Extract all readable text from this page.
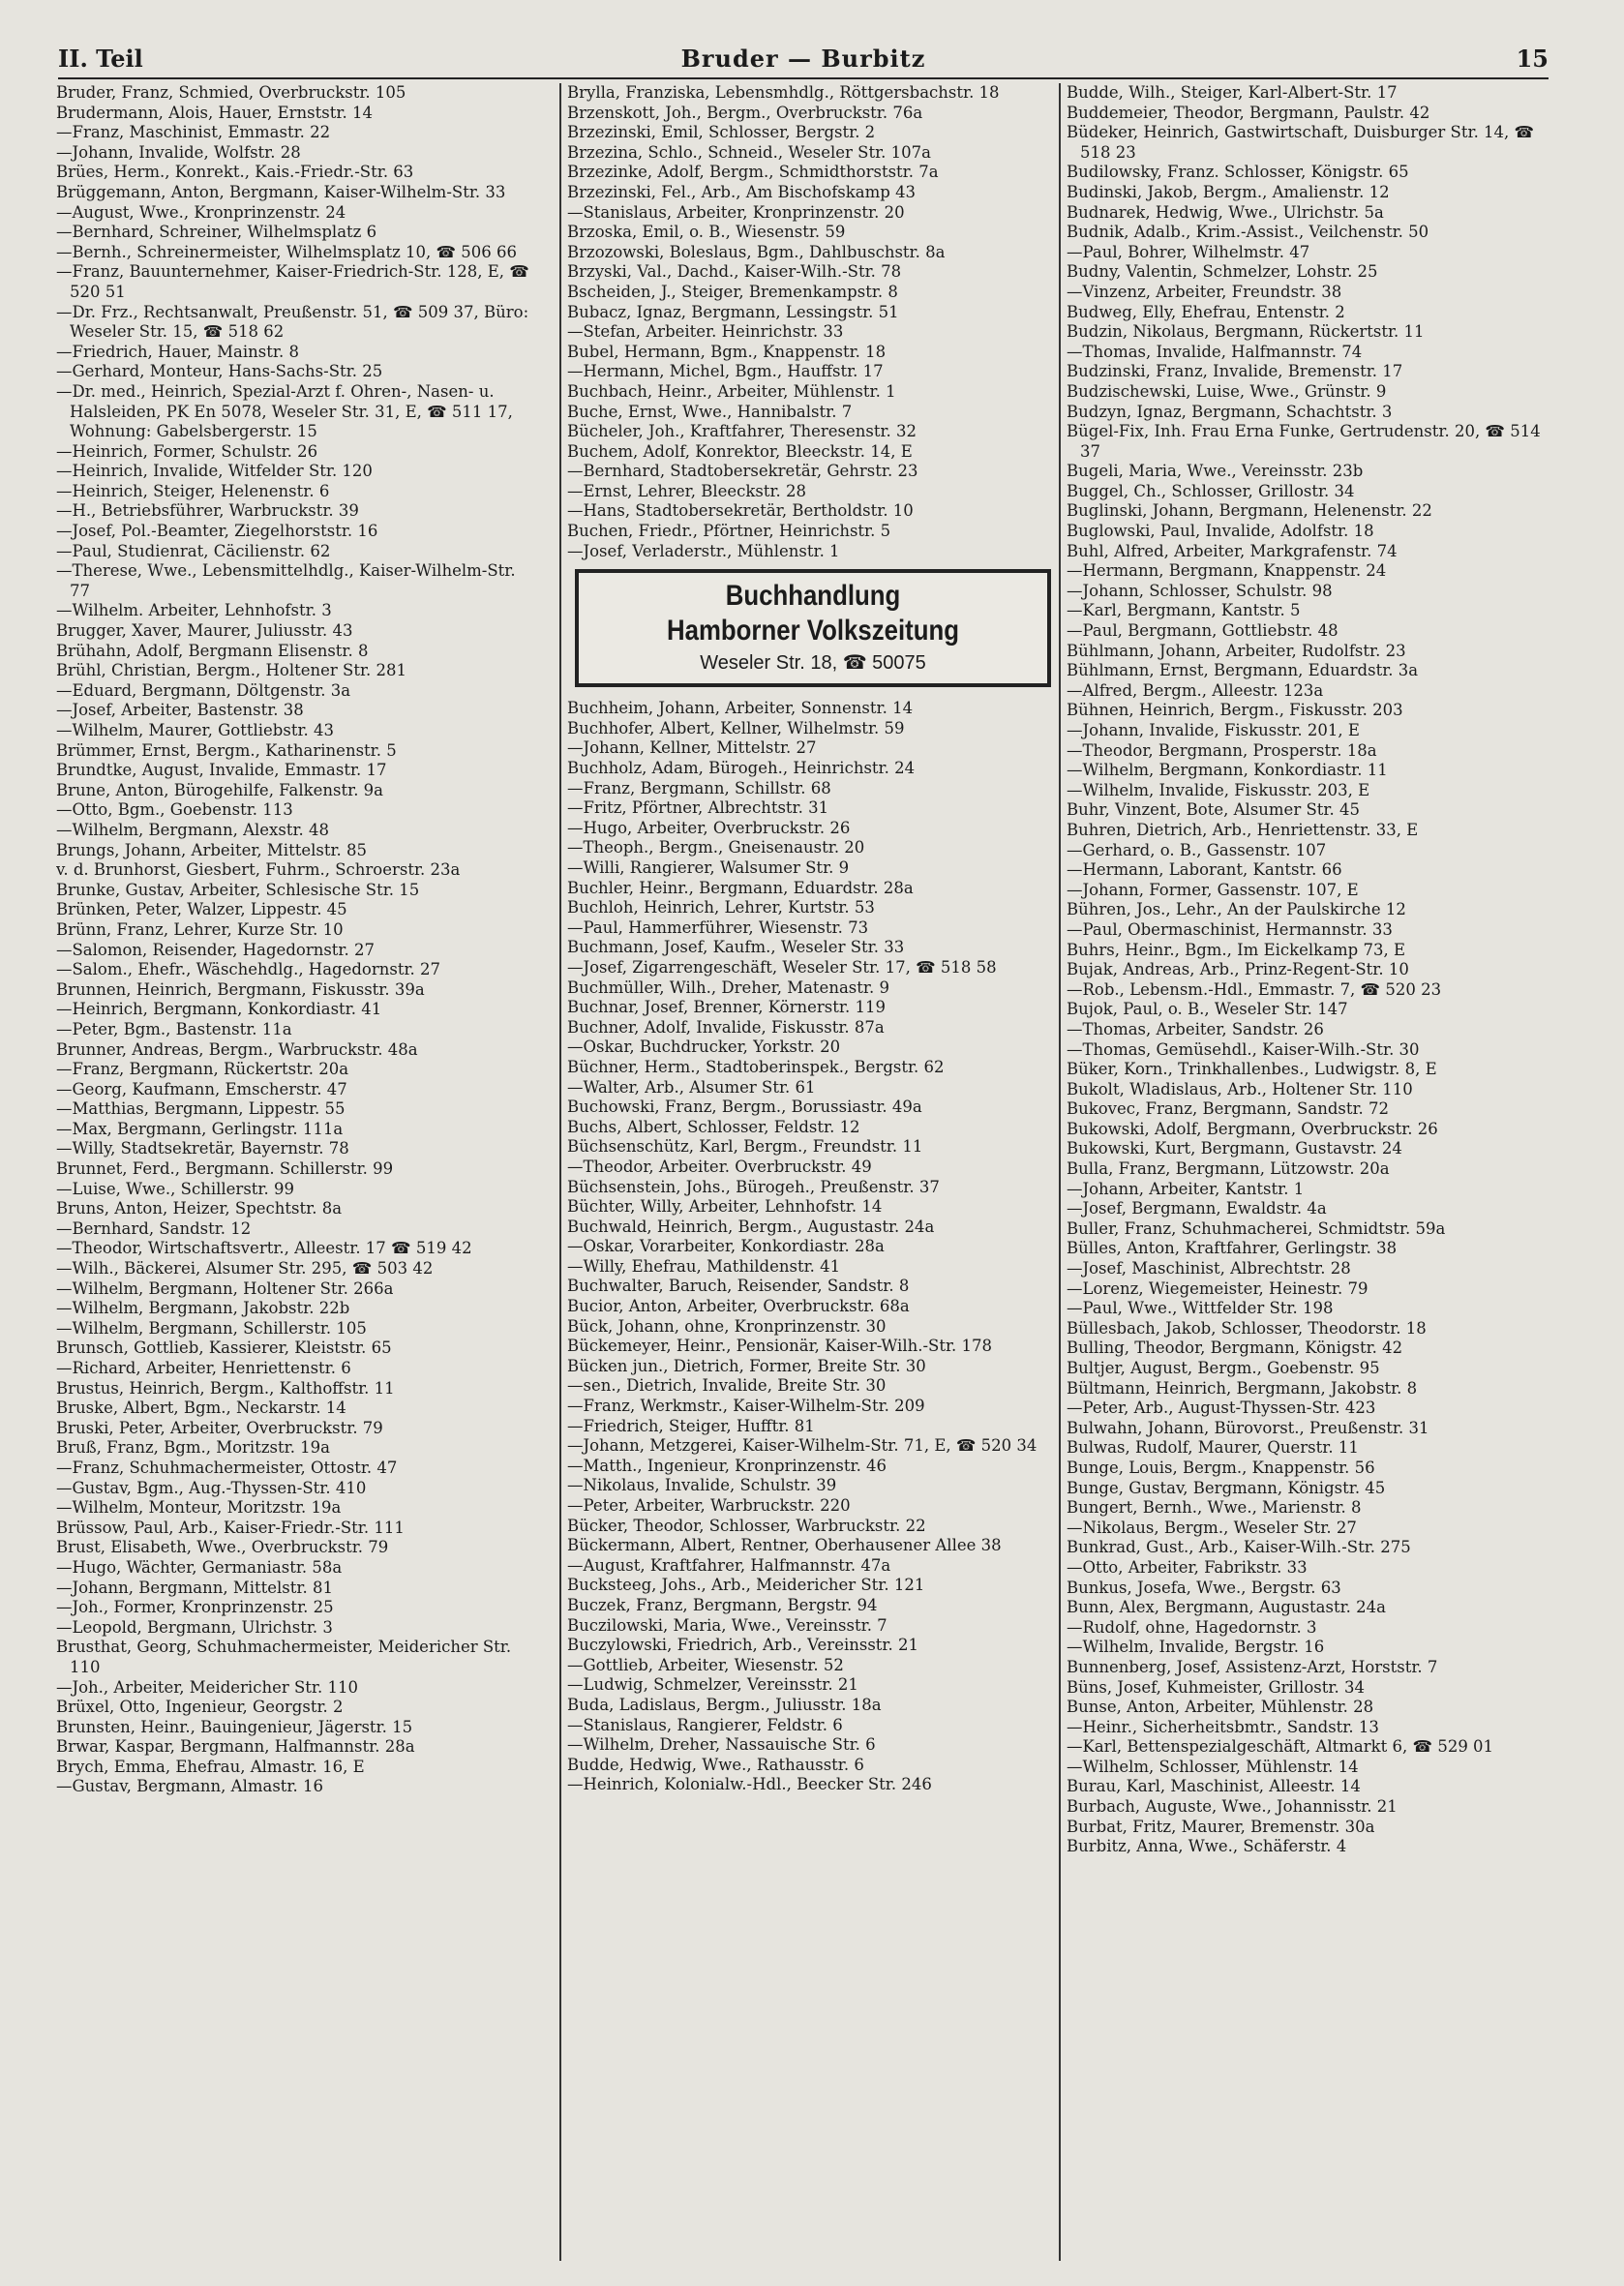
II. Teil	Bruder — Burbitz	15
Bruder, Franz, Schmied, Overbruckstr. 105
Brudermann, Alois, Hauer, Ernststr. 14
—Franz, Maschinist, Emmastr. 22
—Johann, Invalide, Wolfstr. 28
Brües, Herm., Konrekt., Kais.-Friedr.-Str. 63
Brüggemann, Anton, Bergmann, Kaiser-Wilhelm-Str. 33
—August, Wwe., Kronprinzenstr. 24
—Bernhard, Schreiner, Wilhelmsplatz 6
—Bernh., Schreinermeister, Wilhelmsplatz 10, ☎ 506 66
—Franz, Bauunternehmer, Kaiser-Friedrich-Str. 128, E, ☎ 520 51
—Dr. Frz., Rechtsanwalt, Preußenstr. 51, ☎ 509 37, Büro: Weseler Str. 15, ☎ 518 62
—Friedrich, Hauer, Mainstr. 8
—Gerhard, Monteur, Hans-Sachs-Str. 25
—Dr. med., Heinrich, Spezial-Arzt f. Ohren-, Nasen- u. Halsleiden, PK En 5078, Weseler Str. 31, E, ☎ 511 17, Wohnung: Gabelsbergerstr. 15
—Heinrich, Former, Schulstr. 26
—Heinrich, Invalide, Witfelder Str. 120
—Heinrich, Steiger, Helenenstr. 6
—H., Betriebsführer, Warbruckstr. 39
—Josef, Pol.-Beamter, Ziegelhorststr. 16
—Paul, Studienrat, Cäcilienstr. 62
—Therese, Wwe., Lebensmittelhdlg., Kaiser-Wilhelm-Str. 77
—Wilhelm. Arbeiter, Lehnhofstr. 3
Brugger, Xaver, Maurer, Juliusstr. 43
Brühahn, Adolf, Bergmann Elisenstr. 8
Brühl, Christian, Bergm., Holtener Str. 281
—Eduard, Bergmann, Döltgenstr. 3a
—Josef, Arbeiter, Bastenstr. 38
—Wilhelm, Maurer, Gottliebstr. 43
Brümmer, Ernst, Bergm., Katharinenstr. 5
Brundtke, August, Invalide, Emmastr. 17
Brune, Anton, Bürogehilfe, Falkenstr. 9a
—Otto, Bgm., Goebenstr. 113
—Wilhelm, Bergmann, Alexstr. 48
Brungs, Johann, Arbeiter, Mittelstr. 85
v. d. Brunhorst, Giesbert, Fuhrm., Schroerstr. 23a
Brunke, Gustav, Arbeiter, Schlesische Str. 15
Brünken, Peter, Walzer, Lippestr. 45
Brünn, Franz, Lehrer, Kurze Str. 10
—Salomon, Reisender, Hagedornstr. 27
—Salom., Ehefr., Wäschehdlg., Hagedornstr. 27
Brunnen, Heinrich, Bergmann, Fiskusstr. 39a
—Heinrich, Bergmann, Konkordiastr. 41
—Peter, Bgm., Bastenstr. 11a
Brunner, Andreas, Bergm., Warbruckstr. 48a
—Franz, Bergmann, Rückertstr. 20a
—Georg, Kaufmann, Emscherstr. 47
—Matthias, Bergmann, Lippestr. 55
—Max, Bergmann, Gerlingstr. 111a
—Willy, Stadtsekretär, Bayernstr. 78
Brunnet, Ferd., Bergmann. Schillerstr. 99
—Luise, Wwe., Schillerstr. 99
Bruns, Anton, Heizer, Spechtstr. 8a
—Bernhard, Sandstr. 12
—Theodor, Wirtschaftsvertr., Alleestr. 17 ☎ 519 42
—Wilh., Bäckerei, Alsumer Str. 295, ☎ 503 42
—Wilhelm, Bergmann, Holtener Str. 266a
—Wilhelm, Bergmann, Jakobstr. 22b
—Wilhelm, Bergmann, Schillerstr. 105
Brunsch, Gottlieb, Kassierer, Kleiststr. 65
—Richard, Arbeiter, Henriettenstr. 6
Brustus, Heinrich, Bergm., Kalthoffstr. 11
Bruske, Albert, Bgm., Neckarstr. 14
Bruski, Peter, Arbeiter, Overbruckstr. 79
Bruß, Franz, Bgm., Moritzstr. 19a
—Franz, Schuhmachermeister, Ottostr. 47
—Gustav, Bgm., Aug.-Thyssen-Str. 410
—Wilhelm, Monteur, Moritzstr. 19a
Brüssow, Paul, Arb., Kaiser-Friedr.-Str. 111
Brust, Elisabeth, Wwe., Overbruckstr. 79
—Hugo, Wächter, Germaniastr. 58a
—Johann, Bergmann, Mittelstr. 81
—Joh., Former, Kronprinzenstr. 25
—Leopold, Bergmann, Ulrichstr. 3
Brusthat, Georg, Schuhmachermeister, Meidericher Str. 110
—Joh., Arbeiter, Meidericher Str. 110
Brüxel, Otto, Ingenieur, Georgstr. 2
Brunsten, Heinr., Bauingenieur, Jägerstr. 15
Brwar, Kaspar, Bergmann, Halfmannstr. 28a
Brych, Emma, Ehefrau, Almastr. 16, E
—Gustav, Bergmann, Almastr. 16
Brylla, Franziska, Lebensmhdlg., Röttgersbachstr. 18
Brzenskott, Joh., Bergm., Overbruckstr. 76a
Brzezinski, Emil, Schlosser, Bergstr. 2
Brzezina, Schlo., Schneid., Weseler Str. 107a
Brzezinke, Adolf, Bergm., Schmidthorststr. 7a
Brzezinski, Fel., Arb., Am Bischofskamp 43
—Stanislaus, Arbeiter, Kronprinzenstr. 20
Brzoska, Emil, o. B., Wiesenstr. 59
Brzozowski, Boleslaus, Bgm., Dahlbuschstr. 8a
Brzyski, Val., Dachd., Kaiser-Wilh.-Str. 78
Bscheiden, J., Steiger, Bremenkampstr. 8
Bubacz, Ignaz, Bergmann, Lessingstr. 51
—Stefan, Arbeiter. Heinrichstr. 33
Bubel, Hermann, Bgm., Knappenstr. 18
—Hermann, Michel, Bgm., Hauffstr. 17
Buchbach, Heinr., Arbeiter, Mühlenstr. 1
Buche, Ernst, Wwe., Hannibalstr. 7
Bücheler, Joh., Kraftfahrer, Theresenstr. 32
Buchem, Adolf, Konrektor, Bleeckstr. 14, E
—Bernhard, Stadtobersekretär, Gehrstr. 23
—Ernst, Lehrer, Bleeckstr. 28
—Hans, Stadtobersekretär, Bertholdstr. 10
Buchen, Friedr., Pförtner, Heinrichstr. 5
—Josef, Verladerstr., Mühlenstr. 1
Buchhandlung
Hamborner Volkszeitung
Weseler Str. 18, ☎ 50075
Buchheim, Johann, Arbeiter, Sonnenstr. 14
Buchhofer, Albert, Kellner, Wilhelmstr. 59
—Johann, Kellner, Mittelstr. 27
Buchholz, Adam, Bürogeh., Heinrichstr. 24
—Franz, Bergmann, Schillstr. 68
—Fritz, Pförtner, Albrechtstr. 31
—Hugo, Arbeiter, Overbruckstr. 26
—Theoph., Bergm., Gneisenaustr. 20
—Willi, Rangierer, Walsumer Str. 9
Buchler, Heinr., Bergmann, Eduardstr. 28a
Buchloh, Heinrich, Lehrer, Kurtstr. 53
—Paul, Hammerführer, Wiesenstr. 73
Buchmann, Josef, Kaufm., Weseler Str. 33
—Josef, Zigarrengeschäft, Weseler Str. 17, ☎ 518 58
Buchmüller, Wilh., Dreher, Matenastr. 9
Buchnar, Josef, Brenner, Körnerstr. 119
Buchner, Adolf, Invalide, Fiskusstr. 87a
—Oskar, Buchdrucker, Yorkstr. 20
Büchner, Herm., Stadtoberinspek., Bergstr. 62
—Walter, Arb., Alsumer Str. 61
Buchowski, Franz, Bergm., Borussiastr. 49a
Buchs, Albert, Schlosser, Feldstr. 12
Büchsenschütz, Karl, Bergm., Freundstr. 11
—Theodor, Arbeiter. Overbruckstr. 49
Büchsenstein, Johs., Bürogeh., Preußenstr. 37
Büchter, Willy, Arbeiter, Lehnhofstr. 14
Buchwald, Heinrich, Bergm., Augustastr. 24a
—Oskar, Vorarbeiter, Konkordiastr. 28a
—Willy, Ehefrau, Mathildenstr. 41
Buchwalter, Baruch, Reisender, Sandstr. 8
Bucior, Anton, Arbeiter, Overbruckstr. 68a
Bück, Johann, ohne, Kronprinzenstr. 30
Bückemeyer, Heinr., Pensionär, Kaiser-Wilh.-Str. 178
Bücken jun., Dietrich, Former, Breite Str. 30
—sen., Dietrich, Invalide, Breite Str. 30
—Franz, Werkmstr., Kaiser-Wilhelm-Str. 209
—Friedrich, Steiger, Hufftr. 81
—Johann, Metzgerei, Kaiser-Wilhelm-Str. 71, E, ☎ 520 34
—Matth., Ingenieur, Kronprinzenstr. 46
—Nikolaus, Invalide, Schulstr. 39
—Peter, Arbeiter, Warbruckstr. 220
Bücker, Theodor, Schlosser, Warbruckstr. 22
Bückermann, Albert, Rentner, Oberhausener Allee 38
—August, Kraftfahrer, Halfmannstr. 47a
Bucksteeg, Johs., Arb., Meidericher Str. 121
Buczek, Franz, Bergmann, Bergstr. 94
Buczilowski, Maria, Wwe., Vereinsstr. 7
Buczylowski, Friedrich, Arb., Vereinsstr. 21
—Gottlieb, Arbeiter, Wiesenstr. 52
—Ludwig, Schmelzer, Vereinsstr. 21
Buda, Ladislaus, Bergm., Juliusstr. 18a
—Stanislaus, Rangierer, Feldstr. 6
—Wilhelm, Dreher, Nassauische Str. 6
Budde, Hedwig, Wwe., Rathausstr. 6
—Heinrich, Kolonialw.-Hdl., Beecker Str. 246
Budde, Wilh., Steiger, Karl-Albert-Str. 17
Buddemeier, Theodor, Bergmann, Paulstr. 42
Büdeker, Heinrich, Gastwirtschaft, Duisburger Str. 14, ☎ 518 23
Budilowsky, Franz. Schlosser, Königstr. 65
Budinski, Jakob, Bergm., Amalienstr. 12
Budnarek, Hedwig, Wwe., Ulrichstr. 5a
Budnik, Adalb., Krim.-Assist., Veilchenstr. 50
—Paul, Bohrer, Wilhelmstr. 47
Budny, Valentin, Schmelzer, Lohstr. 25
—Vinzenz, Arbeiter, Freundstr. 38
Budweg, Elly, Ehefrau, Entenstr. 2
Budzin, Nikolaus, Bergmann, Rückertstr. 11
—Thomas, Invalide, Halfmannstr. 74
Budzinski, Franz, Invalide, Bremenstr. 17
Budzischewski, Luise, Wwe., Grünstr. 9
Budzyn, Ignaz, Bergmann, Schachtstr. 3
Bügel-Fix, Inh. Frau Erna Funke, Gertrudenstr. 20, ☎ 514 37
Bugeli, Maria, Wwe., Vereinsstr. 23b
Buggel, Ch., Schlosser, Grillostr. 34
Buglinski, Johann, Bergmann, Helenenstr. 22
Buglowski, Paul, Invalide, Adolfstr. 18
Buhl, Alfred, Arbeiter, Markgrafenstr. 74
—Hermann, Bergmann, Knappenstr. 24
—Johann, Schlosser, Schulstr. 98
—Karl, Bergmann, Kantstr. 5
—Paul, Bergmann, Gottliebstr. 48
Bühlmann, Johann, Arbeiter, Rudolfstr. 23
Bühlmann, Ernst, Bergmann, Eduardstr. 3a
—Alfred, Bergm., Alleestr. 123a
Bühnen, Heinrich, Bergm., Fiskusstr. 203
—Johann, Invalide, Fiskusstr. 201, E
—Theodor, Bergmann, Prosperstr. 18a
—Wilhelm, Bergmann, Konkordiastr. 11
—Wilhelm, Invalide, Fiskusstr. 203, E
Buhr, Vinzent, Bote, Alsumer Str. 45
Buhren, Dietrich, Arb., Henriettenstr. 33, E
—Gerhard, o. B., Gassenstr. 107
—Hermann, Laborant, Kantstr. 66
—Johann, Former, Gassenstr. 107, E
Bühren, Jos., Lehr., An der Paulskirche 12
—Paul, Obermaschinist, Hermannstr. 33
Buhrs, Heinr., Bgm., Im Eickelkamp 73, E
Bujak, Andreas, Arb., Prinz-Regent-Str. 10
—Rob., Lebensm.-Hdl., Emmastr. 7, ☎ 520 23
Bujok, Paul, o. B., Weseler Str. 147
—Thomas, Arbeiter, Sandstr. 26
—Thomas, Gemüsehdl., Kaiser-Wilh.-Str. 30
Büker, Korn., Trinkhallenbes., Ludwigstr. 8, E
Bukolt, Wladislaus, Arb., Holtener Str. 110
Bukovec, Franz, Bergmann, Sandstr. 72
Bukowski, Adolf, Bergmann, Overbruckstr. 26
Bukowski, Kurt, Bergmann, Gustavstr. 24
Bulla, Franz, Bergmann, Lützowstr. 20a
—Johann, Arbeiter, Kantstr. 1
—Josef, Bergmann, Ewaldstr. 4a
Buller, Franz, Schuhmacherei, Schmidtstr. 59a
Bülles, Anton, Kraftfahrer, Gerlingstr. 38
—Josef, Maschinist, Albrechtstr. 28
—Lorenz, Wiegemeister, Heinestr. 79
—Paul, Wwe., Wittfelder Str. 198
Büllesbach, Jakob, Schlosser, Theodorstr. 18
Bulling, Theodor, Bergmann, Königstr. 42
Bultjer, August, Bergm., Goebenstr. 95
Bültmann, Heinrich, Bergmann, Jakobstr. 8
—Peter, Arb., August-Thyssen-Str. 423
Bulwahn, Johann, Bürovorst., Preußenstr. 31
Bulwas, Rudolf, Maurer, Querstr. 11
Bunge, Louis, Bergm., Knappenstr. 56
Bunge, Gustav, Bergmann, Königstr. 45
Bungert, Bernh., Wwe., Marienstr. 8
—Nikolaus, Bergm., Weseler Str. 27
Bunkrad, Gust., Arb., Kaiser-Wilh.-Str. 275
—Otto, Arbeiter, Fabrikstr. 33
Bunkus, Josefa, Wwe., Bergstr. 63
Bunn, Alex, Bergmann, Augustastr. 24a
—Rudolf, ohne, Hagedornstr. 3
—Wilhelm, Invalide, Bergstr. 16
Bunnenberg, Josef, Assistenz-Arzt, Horststr. 7
Büns, Josef, Kuhmeister, Grillostr. 34
Bunse, Anton, Arbeiter, Mühlenstr. 28
—Heinr., Sicherheitsbmtr., Sandstr. 13
—Karl, Bettenspezialgeschäft, Altmarkt 6, ☎ 529 01
—Wilhelm, Schlosser, Mühlenstr. 14
Burau, Karl, Maschinist, Alleestr. 14
Burbach, Auguste, Wwe., Johannisstr. 21
Burbat, Fritz, Maurer, Bremenstr. 30a
Burbitz, Anna, Wwe., Schäferstr. 4
